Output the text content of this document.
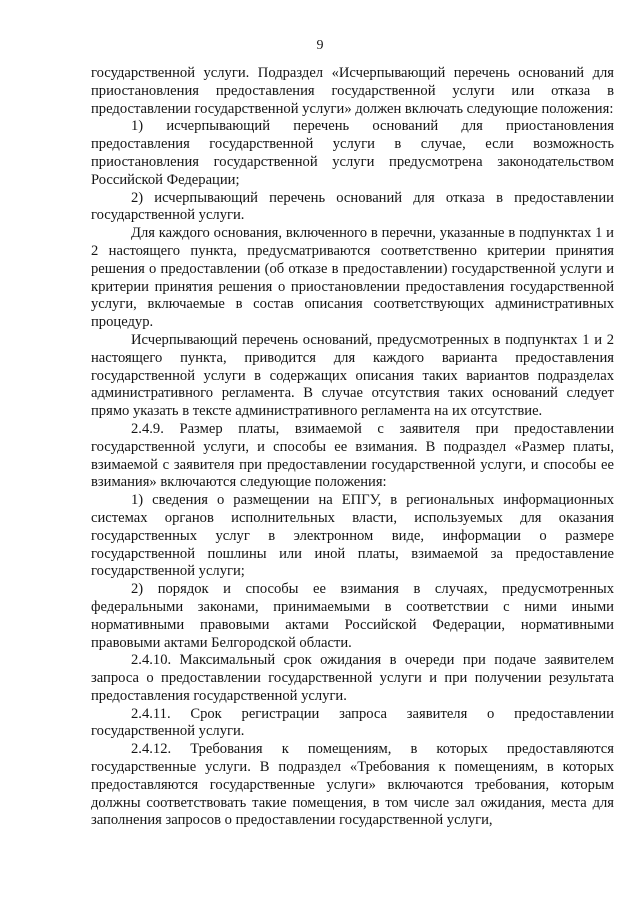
9

государственной услуги. Подраздел «Исчерпывающий перечень оснований для приостановления предоставления государственной услуги или отказа в предоставлении государственной услуги» должен включать следующие положения:

1) исчерпывающий перечень оснований для приостановления предоставления государственной услуги в случае, если возможность приостановления государственной услуги предусмотрена законодательством Российской Федерации;

2) исчерпывающий перечень оснований для отказа в предоставлении государственной услуги.

Для каждого основания, включенного в перечни, указанные в подпунктах 1 и 2 настоящего пункта, предусматриваются соответственно критерии принятия решения о предоставлении (об отказе в предоставлении) государственной услуги и критерии принятия решения о приостановлении предоставления государственной услуги, включаемые в состав описания соответствующих административных процедур.

Исчерпывающий перечень оснований, предусмотренных в подпунктах 1 и 2 настоящего пункта, приводится для каждого варианта предоставления государственной услуги в содержащих описания таких вариантов подразделах административного регламента. В случае отсутствия таких оснований следует прямо указать в тексте административного регламента на их отсутствие.

2.4.9. Размер платы, взимаемой с заявителя при предоставлении государственной услуги, и способы ее взимания. В подраздел «Размер платы, взимаемой с заявителя при предоставлении государственной услуги, и способы ее взимания» включаются следующие положения:

1) сведения о размещении на ЕПГУ, в региональных информационных системах органов исполнительных власти, используемых для оказания государственных услуг в электронном виде, информации о размере государственной пошлины или иной платы, взимаемой за предоставление государственной услуги;

2) порядок и способы ее взимания в случаях, предусмотренных федеральными законами, принимаемыми в соответствии с ними иными нормативными правовыми актами Российской Федерации, нормативными правовыми актами Белгородской области.

2.4.10. Максимальный срок ожидания в очереди при подаче заявителем запроса о предоставлении государственной услуги и при получении результата предоставления государственной услуги.

2.4.11. Срок регистрации запроса заявителя о предоставлении государственной услуги.

2.4.12. Требования к помещениям, в которых предоставляются государственные услуги. В подраздел «Требования к помещениям, в которых предоставляются государственные услуги» включаются требования, которым должны соответствовать такие помещения, в том числе зал ожидания, места для заполнения запросов о предоставлении государственной услуги,
